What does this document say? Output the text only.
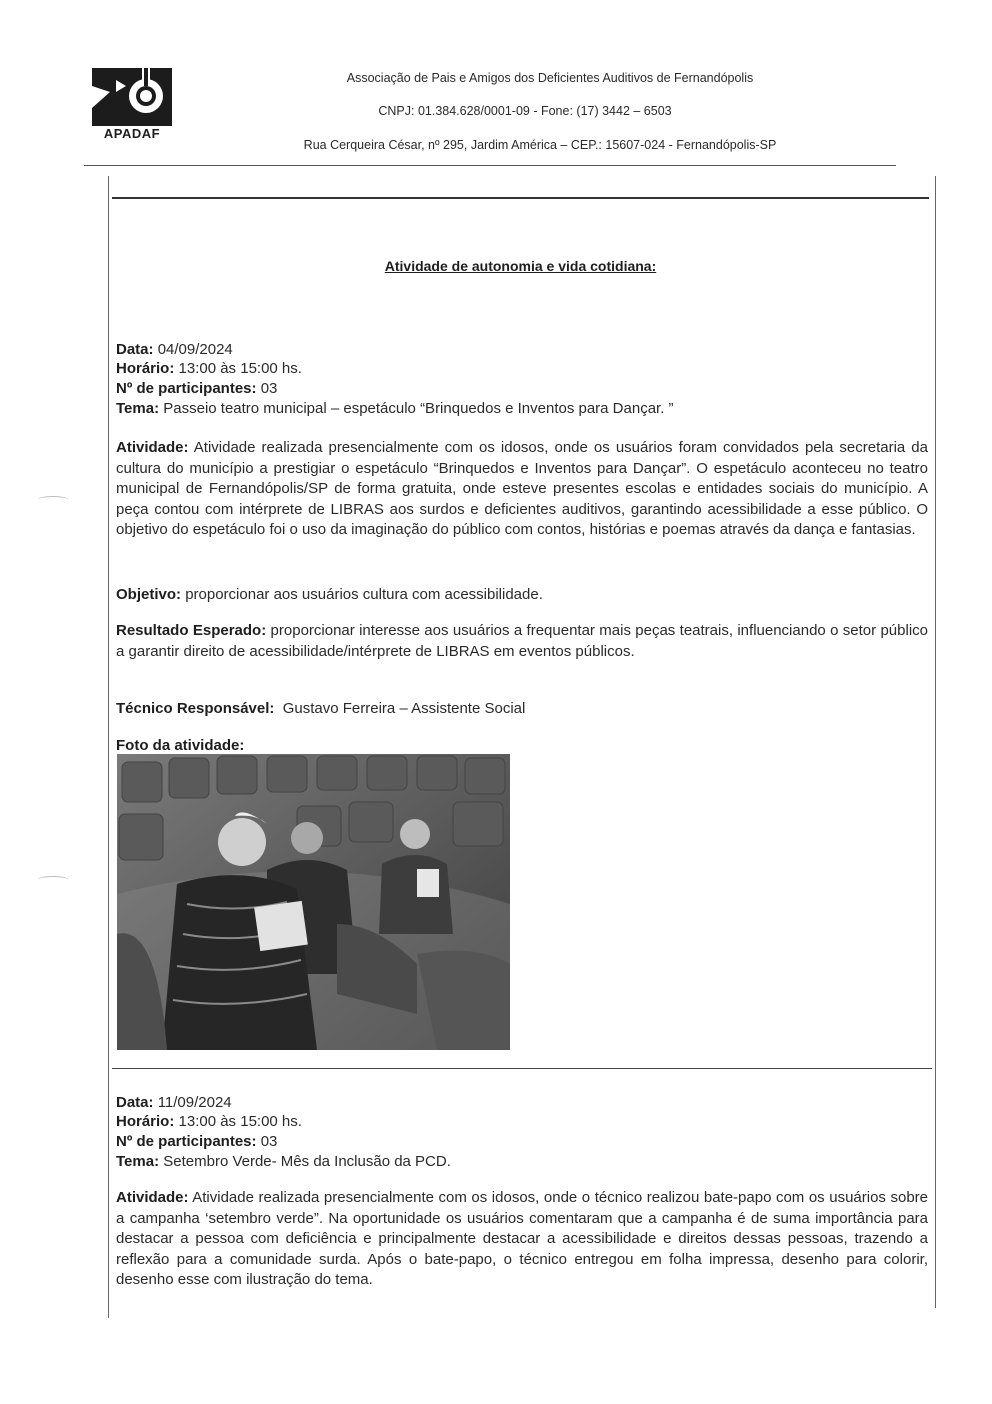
APADAF
Associação de Pais e Amigos dos Deficientes Auditivos de Fernandópolis
CNPJ: 01.384.628/0001-09 - Fone: (17) 3442 – 6503
Rua Cerqueira César, nº 295, Jardim América – CEP.: 15607-024 - Fernandópolis-SP
Atividade de autonomia e vida cotidiana:
Data: 04/09/2024
Horário: 13:00 às 15:00 hs.
Nº de participantes: 03
Tema: Passeio teatro municipal – espetáculo “Brinquedos e Inventos para Dançar. ”
Atividade: Atividade realizada presencialmente com os idosos, onde os usuários foram convidados pela secretaria da cultura do município a prestigiar o espetáculo “Brinquedos e Inventos para Dançar”. O espetáculo aconteceu no teatro municipal de Fernandópolis/SP de forma gratuita, onde esteve presentes escolas e entidades sociais do município. A peça contou com intérprete de LIBRAS aos surdos e deficientes auditivos, garantindo acessibilidade a esse público. O objetivo do espetáculo foi o uso da imaginação do público com contos, histórias e poemas através da dança e fantasias.
Objetivo: proporcionar aos usuários cultura com acessibilidade.
Resultado Esperado: proporcionar interesse aos usuários a frequentar mais peças teatrais, influenciando o setor público a garantir direito de acessibilidade/intérprete de LIBRAS em eventos públicos.
Técnico Responsável: Gustavo Ferreira – Assistente Social
Foto da atividade:
Data: 11/09/2024
Horário: 13:00 às 15:00 hs.
Nº de participantes: 03
Tema: Setembro Verde- Mês da Inclusão da PCD.
Atividade: Atividade realizada presencialmente com os idosos, onde o técnico realizou bate-papo com os usuários sobre a campanha ‘setembro verde”. Na oportunidade os usuários comentaram que a campanha é de suma importância para destacar a pessoa com deficiência e principalmente destacar a acessibilidade e direitos dessas pessoas, trazendo a reflexão para a comunidade surda. Após o bate-papo, o técnico entregou em folha impressa, desenho para colorir, desenho esse com ilustração do tema.
